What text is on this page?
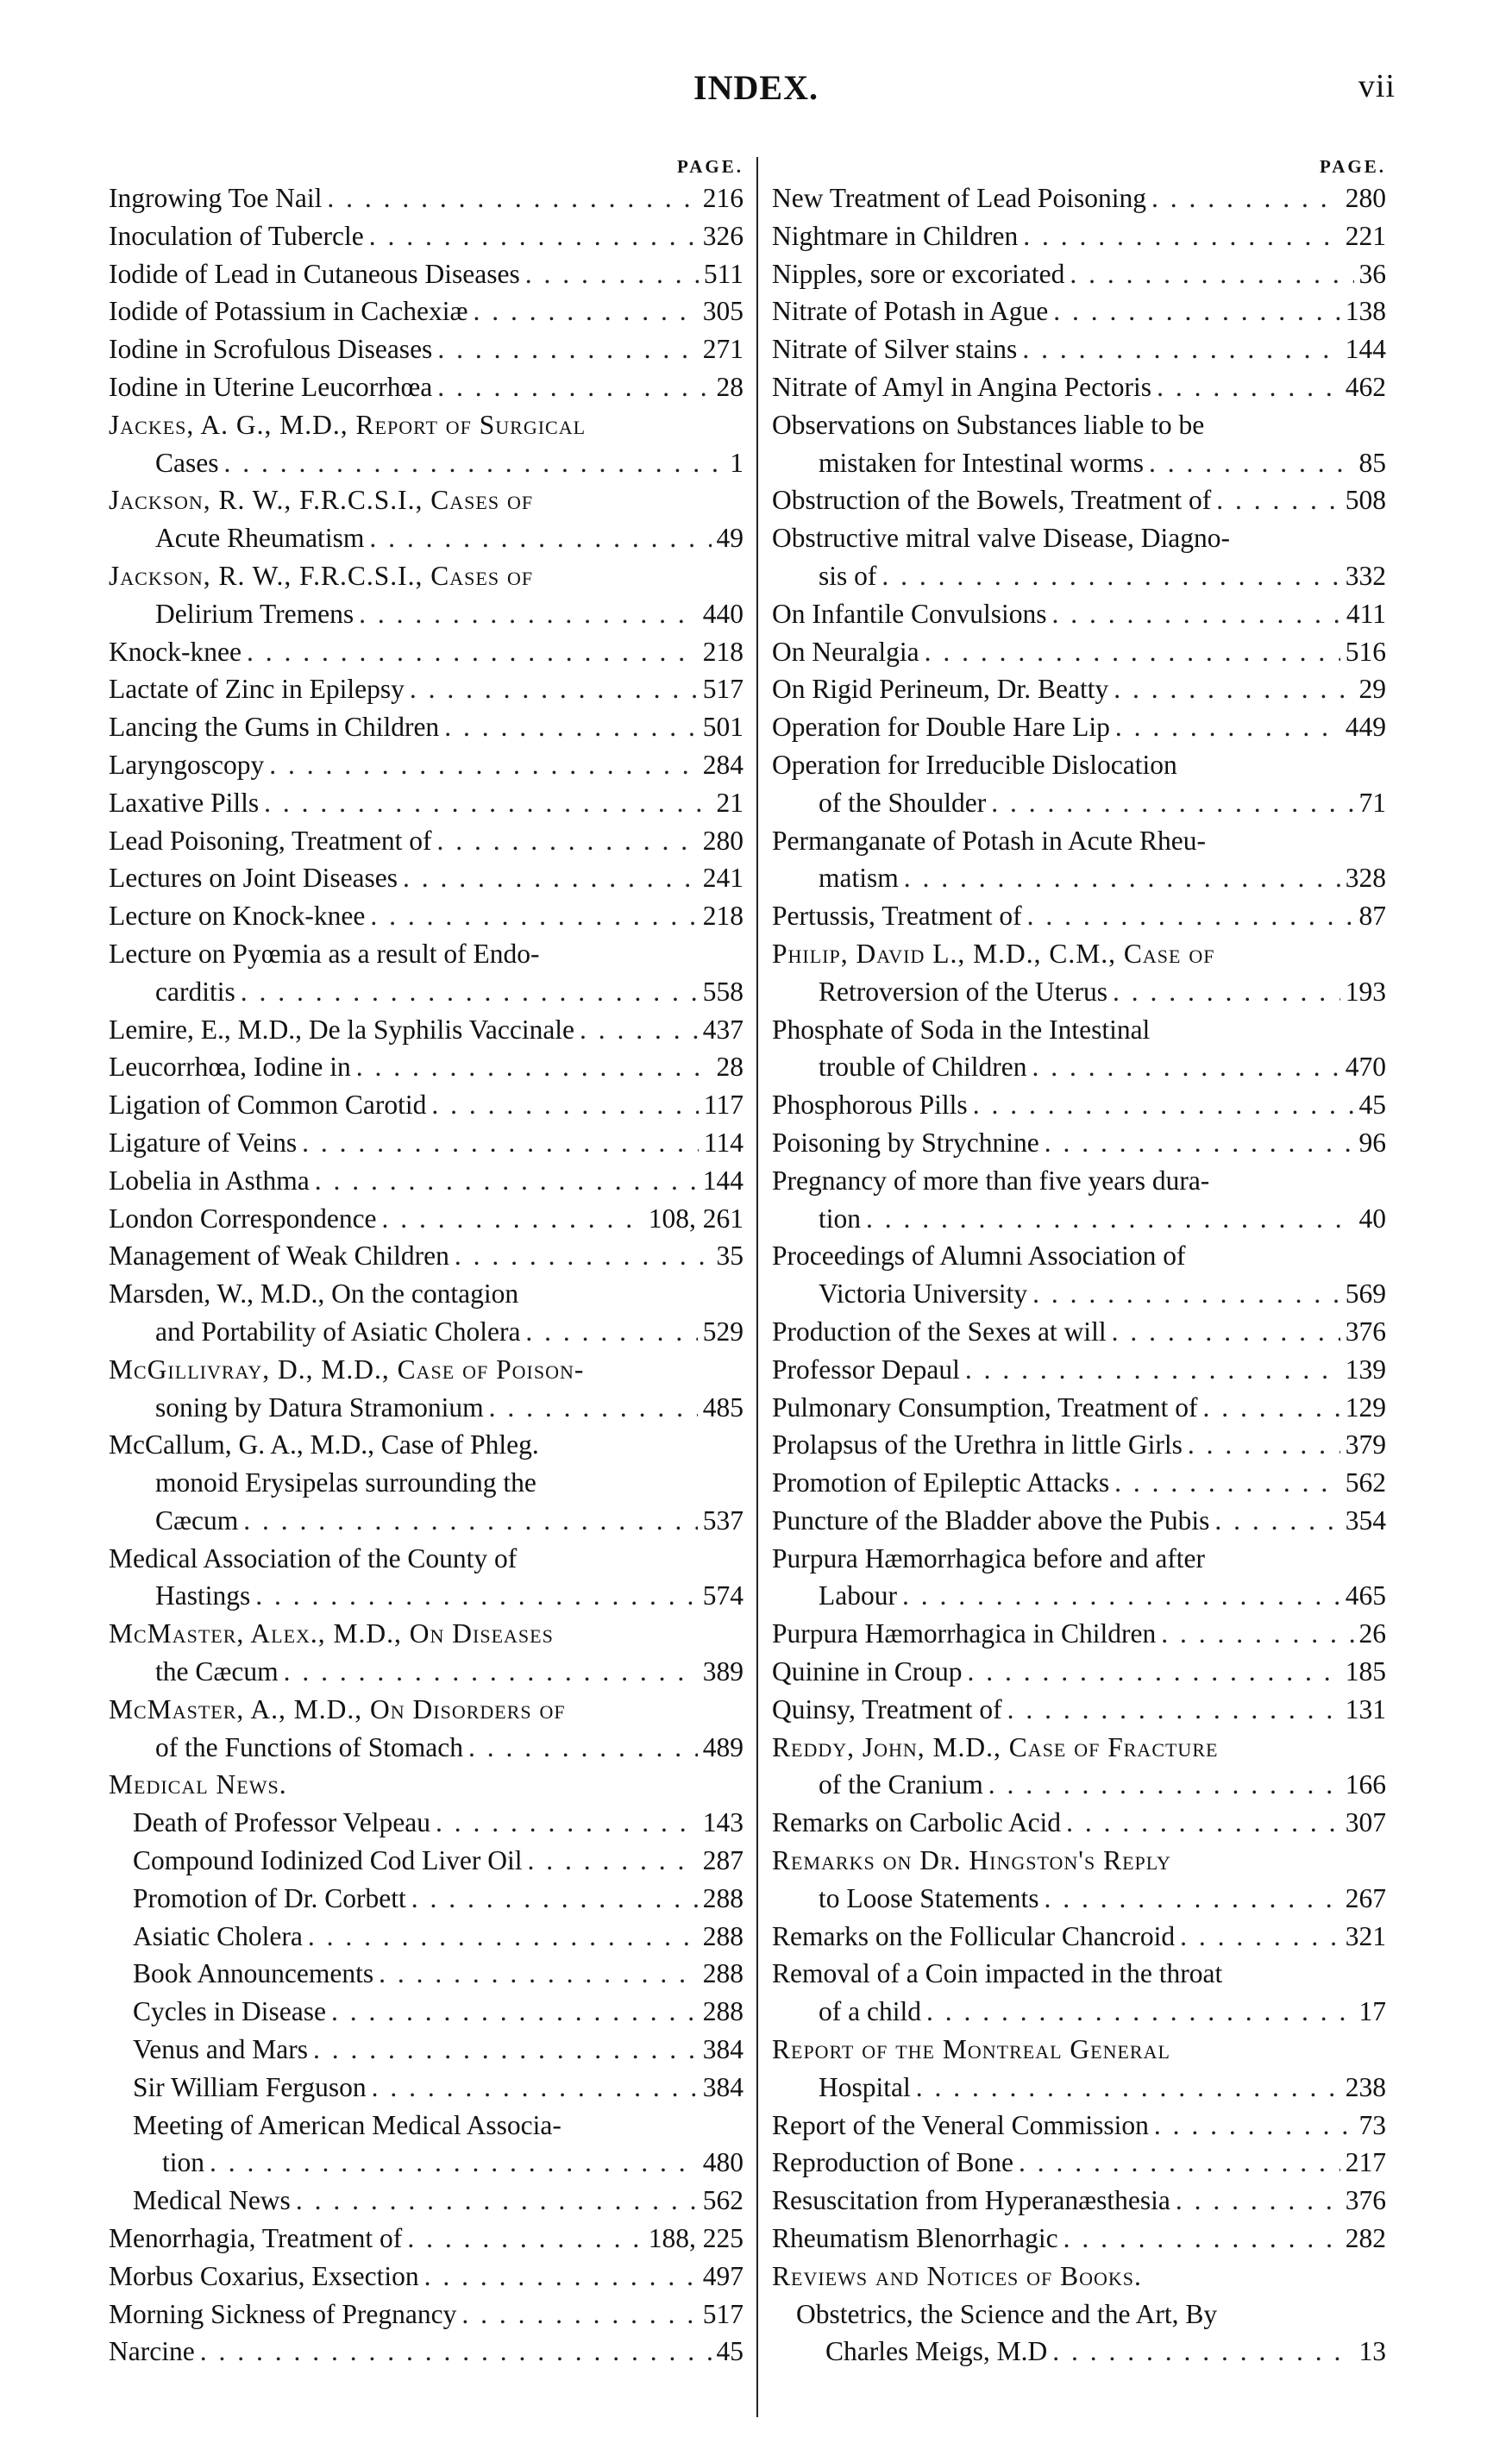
INDEX.	vii
PAGE.
Ingrowing Toe Nail . . .	216
Inoculation of Tubercle . . .	326
Iodide of Lead in Cutaneous Diseases . . .	511
Iodide of Potassium in Cachexiæ . . .	305
Iodine in Scrofulous Diseases . . .	271
Iodine in Uterine Leucorrhœa . . .	28
Jackes, A. G., M.D., Report of Surgical
Cases . . .	1
Jackson, R. W., F.R.C.S.I., Cases of
Acute Rheumatism . . .	49
Jackson, R. W., F.R.C.S.I., Cases of
Delirium Tremens . . .	440
Knock-knee . . .	218
Lactate of Zinc in Epilepsy . . .	517
Lancing the Gums in Children . . .	501
Laryngoscopy . . .	284
Laxative Pills . . .	21
Lead Poisoning, Treatment of . . .	280
Lectures on Joint Diseases . . .	241
Lecture on Knock-knee . . .	218
Lecture on Pyœmia as a result of Endo-
carditis . . .	558
Lemire, E., M.D., De la Syphilis Vaccinale . . .	437
Leucorrhœa, Iodine in . . .	28
Ligation of Common Carotid . . .	117
Ligature of Veins . . .	114
Lobelia in Asthma . . .	144
London Correspondence . . .	108, 261
Management of Weak Children . . .	35
Marsden, W., M.D., On the contagion
and Portability of Asiatic Cholera . . .	529
McGillivray, D., M.D., Case of Poison-
soning by Datura Stramonium . . .	485
McCallum, G. A., M.D., Case of Phleg.
monoid Erysipelas surrounding the
Cæcum . . .	537
Medical Association of the County of
Hastings . . .	574
McMaster, Alex., M.D., On Diseases
the Cæcum . . .	389
McMaster, A., M.D., On Disorders of
of the Functions of Stomach . . .	489
Medical News.
Death of Professor Velpeau . . .	143
Compound Iodinized Cod Liver Oil . . .	287
Promotion of Dr. Corbett . . .	288
Asiatic Cholera . . .	288
Book Announcements . . .	288
Cycles in Disease . . .	288
Venus and Mars . . .	384
Sir William Ferguson . . .	384
Meeting of American Medical Associa-
tion . . .	480
Medical News . . .	562
Menorrhagia, Treatment of . . .	188, 225
Morbus Coxarius, Exsection . . .	497
Morning Sickness of Pregnancy . . .	517
Narcine . . .	45
PAGE.
New Treatment of Lead Poisoning . . .	280
Nightmare in Children . . .	221
Nipples, sore or excoriated . . .	36
Nitrate of Potash in Ague . . .	138
Nitrate of Silver stains . . .	144
Nitrate of Amyl in Angina Pectoris . . .	462
Observations on Substances liable to be
mistaken for Intestinal worms . . .	85
Obstruction of the Bowels, Treatment of . . .	508
Obstructive mitral valve Disease, Diagno-
sis of . . .	332
On Infantile Convulsions . . .	411
On Neuralgia . . .	516
On Rigid Perineum, Dr. Beatty . . .	29
Operation for Double Hare Lip . . .	449
Operation for Irreducible Dislocation
of the Shoulder . . .	71
Permanganate of Potash in Acute Rheu-
matism . . .	328
Pertussis, Treatment of . . .	87
Philip, David L., M.D., C.M., Case of
Retroversion of the Uterus . . .	193
Phosphate of Soda in the Intestinal
trouble of Children . . .	470
Phosphorous Pills . . .	45
Poisoning by Strychnine . . .	96
Pregnancy of more than five years dura-
tion . . .	40
Proceedings of Alumni Association of
Victoria University . . .	569
Production of the Sexes at will . . .	376
Professor Depaul . . .	139
Pulmonary Consumption, Treatment of . . .	129
Prolapsus of the Urethra in little Girls . . .	379
Promotion of Epileptic Attacks . . .	562
Puncture of the Bladder above the Pubis . . .	354
Purpura Hæmorrhagica before and after
Labour . . .	465
Purpura Hæmorrhagica in Children . . .	26
Quinine in Croup . . .	185
Quinsy, Treatment of . . .	131
Reddy, John, M.D., Case of Fracture
of the Cranium . . .	166
Remarks on Carbolic Acid . . .	307
Remarks on Dr. Hingston's Reply
to Loose Statements . . .	267
Remarks on the Follicular Chancroid . . .	321
Removal of a Coin impacted in the throat
of a child . . .	17
Report of the Montreal General
Hospital . . .	238
Report of the Veneral Commission . . .	73
Reproduction of Bone . . .	217
Resuscitation from Hyperanæsthesia . . .	376
Rheumatism Blenorrhagic . . .	282
Reviews and Notices of Books.
Obstetrics, the Science and the Art, By
Charles Meigs, M.D . . .	13
